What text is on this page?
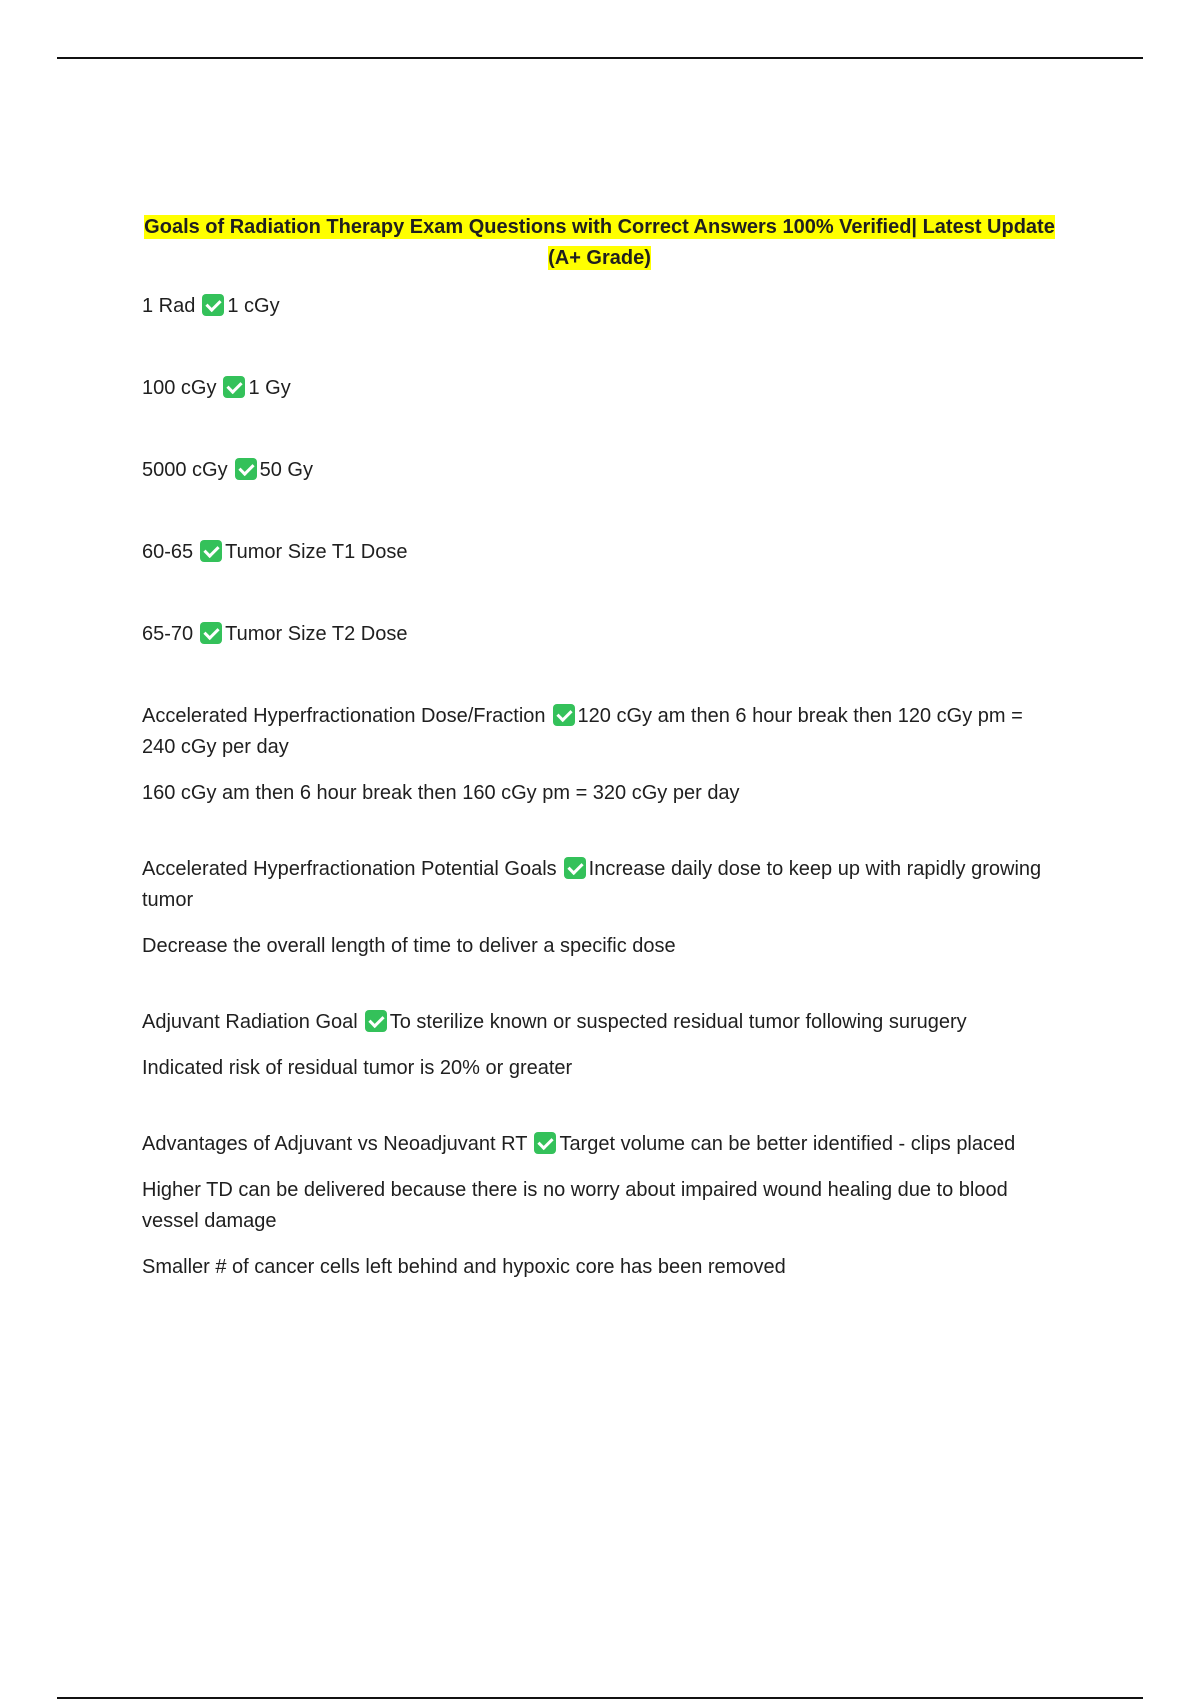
Goals of Radiation Therapy Exam Questions with Correct Answers 100% Verified| Latest Update (A+ Grade)

1 Rad 1 cGy

100 cGy 1 Gy

5000 cGy 50 Gy

60-65 Tumor Size T1 Dose

65-70 Tumor Size T2 Dose

Accelerated Hyperfractionation Dose/Fraction 120 cGy am then 6 hour break then 120 cGy pm = 240 cGy per day

160 cGy am then 6 hour break then 160 cGy pm = 320 cGy per day

Accelerated Hyperfractionation Potential Goals Increase daily dose to keep up with rapidly growing tumor

Decrease the overall length of time to deliver a specific dose

Adjuvant Radiation Goal To sterilize known or suspected residual tumor following surugery

Indicated risk of residual tumor is 20% or greater

Advantages of Adjuvant vs Neoadjuvant RT Target volume can be better identified - clips placed

Higher TD can be delivered because there is no worry about impaired wound healing due to blood vessel damage

Smaller # of cancer cells left behind and hypoxic core has been removed
